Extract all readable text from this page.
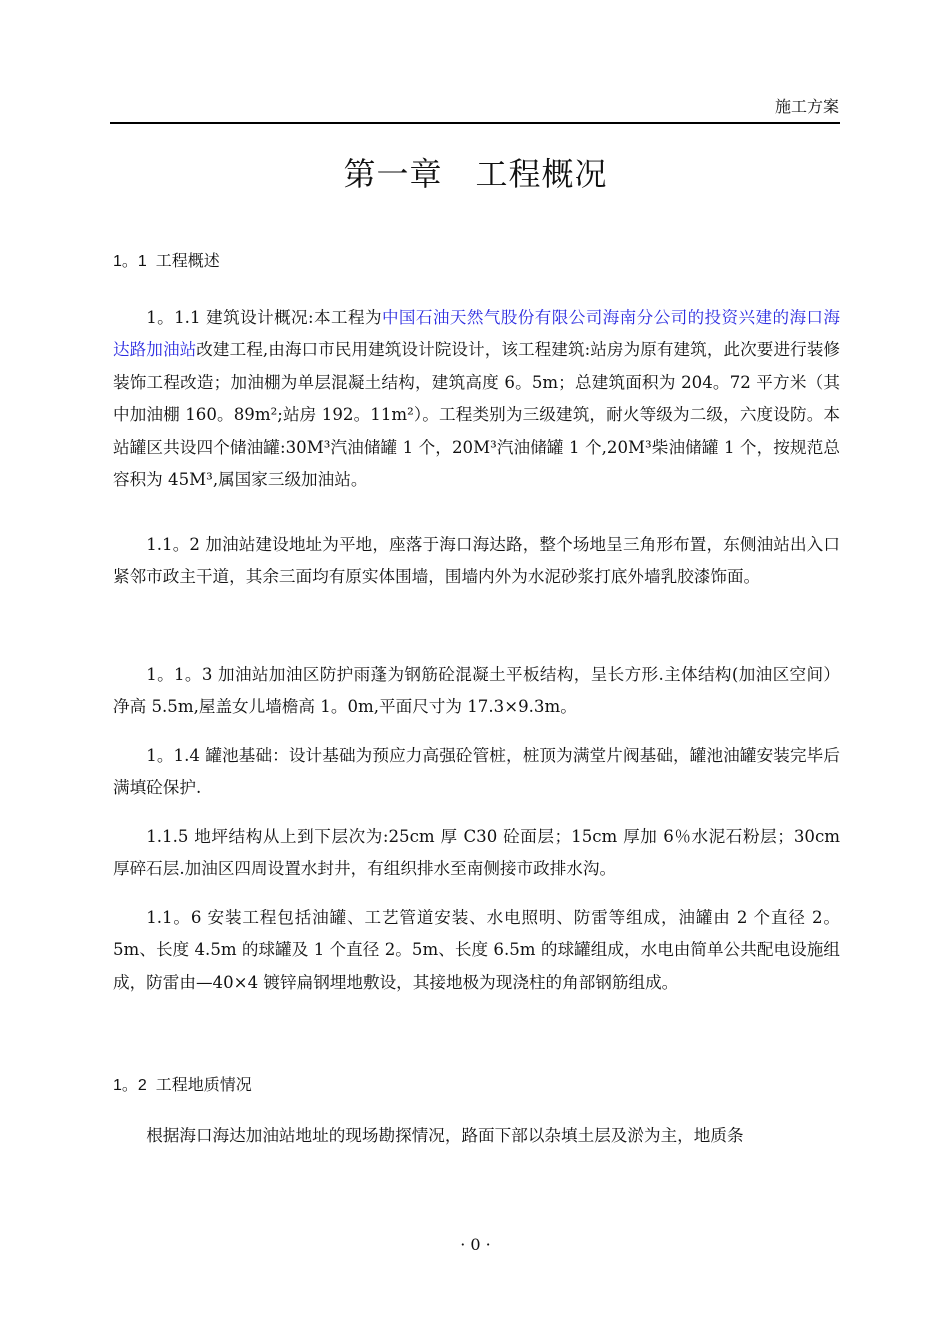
施工方案
第一章　工程概况
1。1  工程概述

1。1.1 建筑设计概况:本工程为中国石油天然气股份有限公司海南分公司的投资兴建的海口海达路加油站改建工程,由海口市民用建筑设计院设计，该工程建筑:站房为原有建筑，此次要进行装修装饰工程改造；加油棚为单层混凝土结构，建筑高度 6。5m；总建筑面积为 204。72 平方米（其中加油棚 160。89m²;站房 192。11m²）。工程类别为三级建筑，耐火等级为二级，六度设防。本站罐区共设四个储油罐:30M³汽油储罐 1 个，20M³汽油储罐 1 个,20M³柴油储罐 1 个，按规范总容积为 45M³,属国家三级加油站。

1.1。2 加油站建设地址为平地，座落于海口海达路，整个场地呈三角形布置，东侧油站出入口紧邻市政主干道，其余三面均有原实体围墙，围墙内外为水泥砂浆打底外墙乳胶漆饰面。

1。1。3 加油站加油区防护雨蓬为钢筋砼混凝土平板结构，呈长方形.主体结构(加油区空间）净高 5.5m,屋盖女儿墙檐高 1。0m,平面尺寸为 17.3×9.3m。

1。1.4 罐池基础：设计基础为预应力高强砼管桩，桩顶为满堂片阀基础，罐池油罐安装完毕后满填砼保护.

1.1.5 地坪结构从上到下层次为:25cm 厚 C30 砼面层；15cm 厚加 6％水泥石粉层；30cm 厚碎石层.加油区四周设置水封井，有组织排水至南侧接市政排水沟。

1.1。6 安装工程包括油罐、工艺管道安装、水电照明、防雷等组成，油罐由 2 个直径 2。5m、长度 4.5m 的球罐及 1 个直径 2。5m、长度 6.5m 的球罐组成，水电由简单公共配电设施组成，防雷由—40×4 镀锌扁钢埋地敷设，其接地极为现浇柱的角部钢筋组成。

1。2  工程地质情况

根据海口海达加油站地址的现场勘探情况，路面下部以杂填土层及淤为主，地质条

· 0 ·
